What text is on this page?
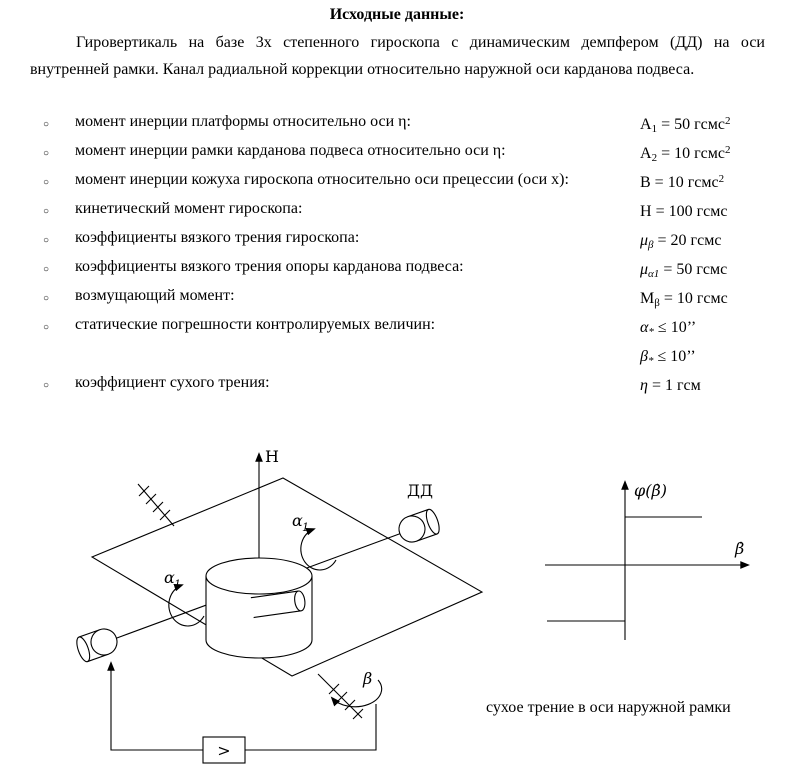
Исходные данные:

Гировертикаль на базе 3х степенного гироскопа с динамическим демпфером (ДД) на оси внутренней рамки. Канал радиальной коррекции относительно наружной оси карданова подвеса.

○ момент инерции платформы относительно оси η:	$A_1 = 50$ гсмс$^2$
○ момент инерции рамки карданова подвеса относительно оси η:	$A_2 = 10$ гсмс$^2$
○ момент инерции кожуха гироскопа относительно оси прецессии (оси x):	B = 10 гсмс$^2$
○ кинетический момент гироскопа:	H = 100 гсмс
○ коэффициенты вязкого трения гироскопа:	$\mu_\beta = 20$ гсмс
○ коэффициенты вязкого трения опоры карданова подвеса:	$\mu_{\alpha 1} = 50$ гсмс
○ возмущающий момент:	$M_\beta = 10$ гсмс
○ статические погрешности контролируемых величин:	$\alpha_* \le 10$’’
$\beta_* \le 10$’’
○ коэффициент сухого трения:	η = 1 гсм
H
ДД
α 1
α 1
β
>
φ(β̇)
β̇
сухое трение в оси наружной рамки
